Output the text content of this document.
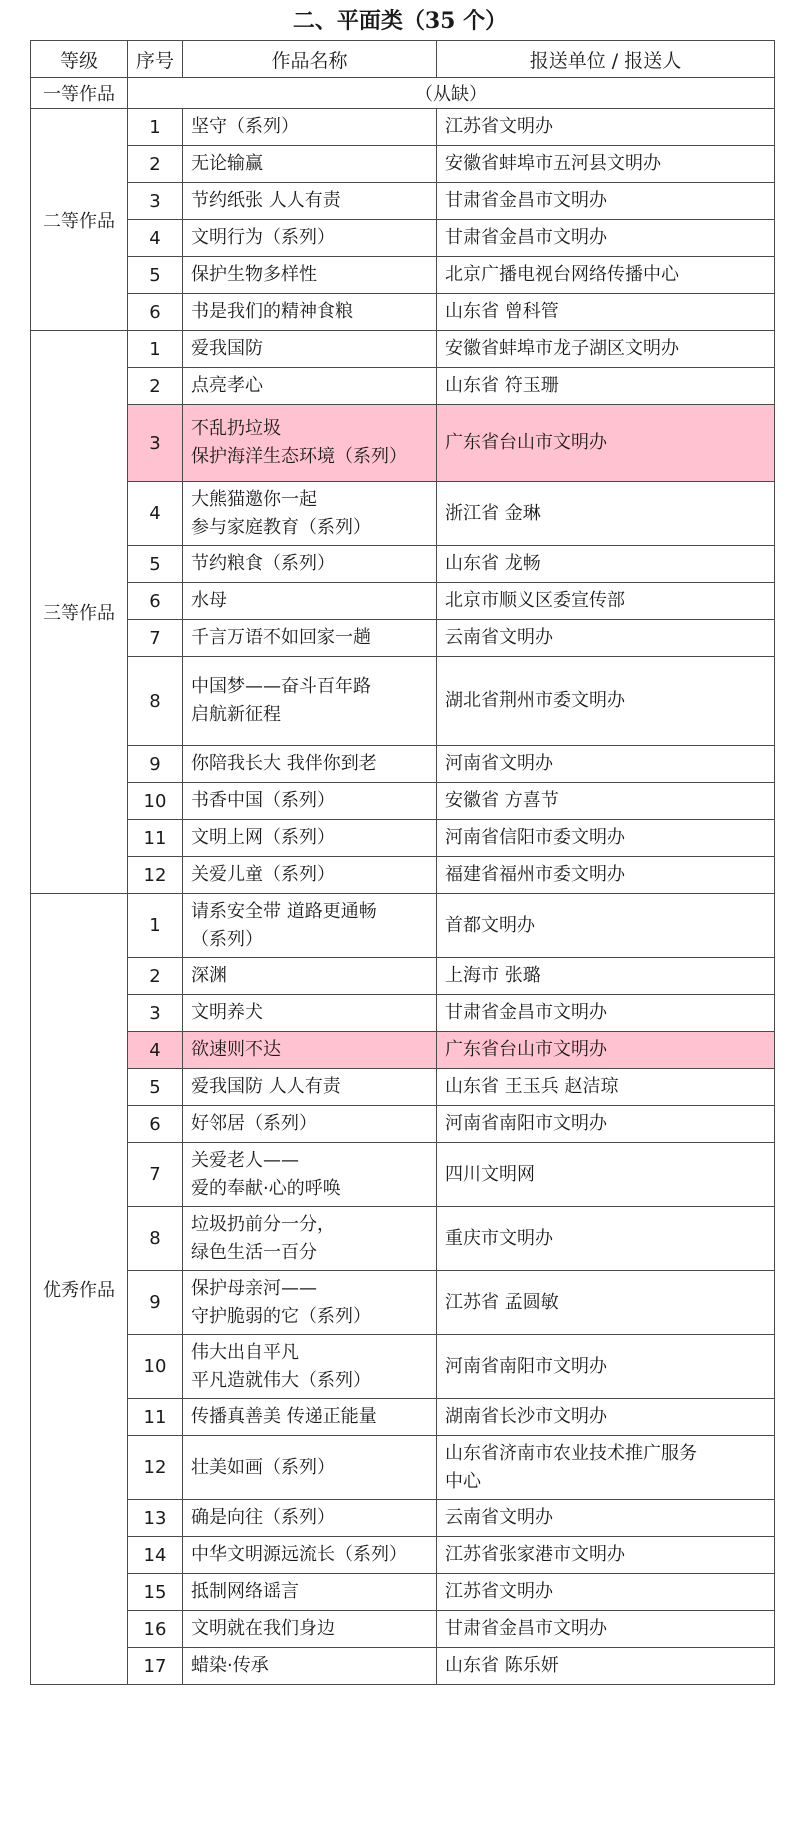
二、平面类（35 个）
等级	序号	作品名称	报送单位 / 报送人
一等作品	（从缺）		
二等作品	1	坚守（系列）	江苏省文明办
	2	无论输赢	安徽省蚌埠市五河县文明办
	3	节约纸张 人人有责	甘肃省金昌市文明办
	4	文明行为（系列）	甘肃省金昌市文明办
	5	保护生物多样性	北京广播电视台网络传播中心
	6	书是我们的精神食粮	山东省 曾科管
三等作品	1	爱我国防	安徽省蚌埠市龙子湖区文明办
	2	点亮孝心	山东省 符玉珊
	3	不乱扔垃圾
保护海洋生态环境（系列）	广东省台山市文明办
	4	大熊猫邀你一起
参与家庭教育（系列）	浙江省 金琳
	5	节约粮食（系列）	山东省 龙畅
	6	水母	北京市顺义区委宣传部
	7	千言万语不如回家一趟	云南省文明办
	8	中国梦——奋斗百年路
启航新征程	湖北省荆州市委文明办
	9	你陪我长大 我伴你到老	河南省文明办
	10	书香中国（系列）	安徽省 方喜节
	11	文明上网（系列）	河南省信阳市委文明办
	12	关爱儿童（系列）	福建省福州市委文明办
优秀作品	1	请系安全带 道路更通畅
（系列）	首都文明办
	2	深渊	上海市 张璐
	3	文明养犬	甘肃省金昌市文明办
	4	欲速则不达	广东省台山市文明办
	5	爱我国防 人人有责	山东省 王玉兵 赵洁琼
	6	好邻居（系列）	河南省南阳市文明办
	7	关爱老人——
爱的奉献·心的呼唤	四川文明网
	8	垃圾扔前分一分，
绿色生活一百分	重庆市文明办
	9	保护母亲河——
守护脆弱的它（系列）	江苏省 孟圆敏
	10	伟大出自平凡
平凡造就伟大（系列）	河南省南阳市文明办
	11	传播真善美 传递正能量	湖南省长沙市文明办
	12	壮美如画（系列）	山东省济南市农业技术推广服务
中心

	13	确是向往（系列）	云南省文明办
	14	中华文明源远流长（系列）	江苏省张家港市文明办
	15	抵制网络谣言	江苏省文明办
	16	文明就在我们身边	甘肃省金昌市文明办
	17	蜡染·传承	山东省 陈乐妍
